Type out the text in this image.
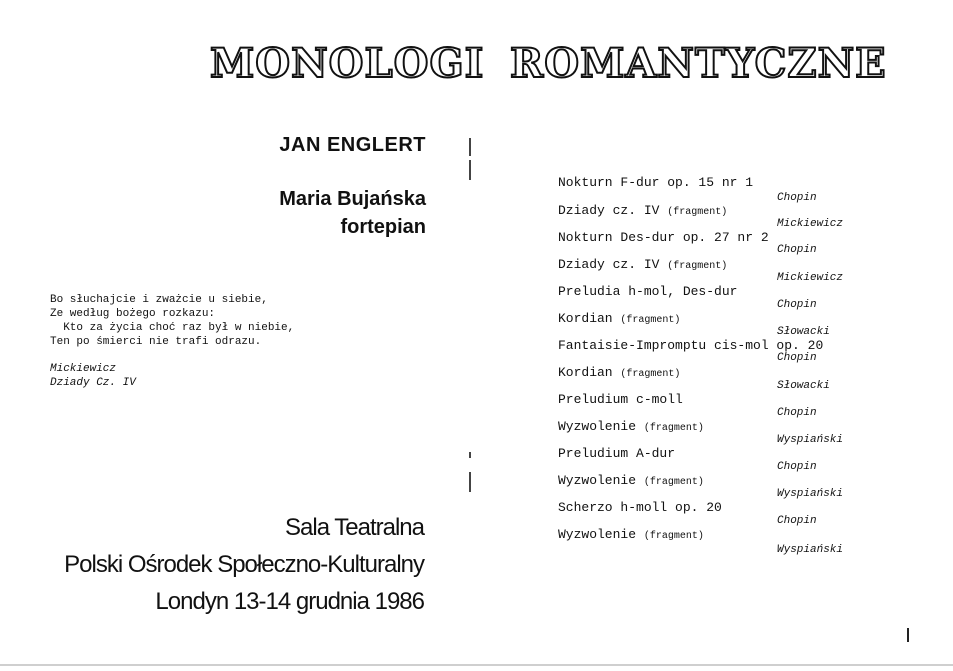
MONOLOGI

JAN ENGLERT

Maria Bujańska

fortepian

Bo słuchajcie i zważcie u siebie,
Ze według bożego rozkazu:
Kto za życia choć raz był w niebie,
Ten po śmierci nie trafi odrazu.
Mickiewicz
Dziady Cz. IV

Sala Teatralna

Polski Ośrodek Społeczno-Kulturalny

Londyn 13-14 grudnia 1986

ROMANTYCZNE
Nokturn F-dur op. 15 nr 1
Chopin
Dziady cz. IV (fragment)
Mickiewicz
Nokturn Des-dur op. 27 nr 2
Chopin
Dziady cz. IV (fragment)
Mickiewicz
Preludia h-mol, Des-dur
Chopin
Kordian (fragment)
Słowacki
Fantaisie-Impromptu cis-mol op. 20
Chopin
Kordian (fragment)
Słowacki
Preludium c-moll
Chopin
Wyzwolenie (fragment)
Wyspiański
Preludium A-dur
Chopin
Wyzwolenie (fragment)
Wyspiański
Scherzo h-moll op. 20
Chopin
Wyzwolenie (fragment)
Wyspiański
